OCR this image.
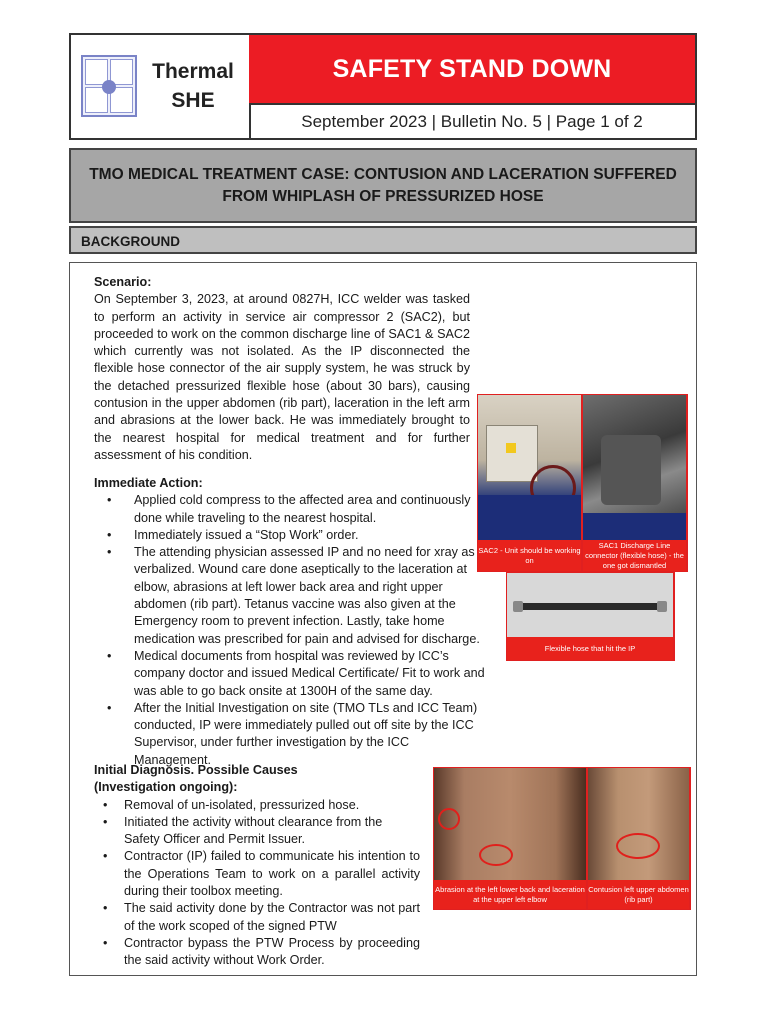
Thermal
SHE
SAFETY STAND DOWN
September 2023 | Bulletin No. 5 | Page 1 of 2
TMO MEDICAL TREATMENT CASE: CONTUSION AND LACERATION SUFFERED FROM WHIPLASH OF PRESSURIZED HOSE
BACKGROUND
Scenario:
On September 3, 2023, at around 0827H, ICC welder was tasked to perform an activity in service air compressor 2 (SAC2), but proceeded to work on the common discharge line of SAC1 & SAC2 which currently was not isolated. As the IP disconnected the flexible hose connector of the air supply system, he was struck by the detached pressurized flexible hose (about 30 bars), causing contusion in the upper abdomen (rib part), laceration in the left arm and abrasions at the lower back. He was immediately brought to the nearest hospital for medical treatment and for further assessment of his condition.
Immediate Action:
• Applied cold compress to the affected area and continuously done while traveling to the nearest hospital.
• Immediately issued a “Stop Work” order.
• The attending physician assessed IP and no need for xray as verbalized. Wound care done aseptically to the laceration at elbow, abrasions at left lower back area and right upper abdomen (rib part). Tetanus vaccine was also given at the Emergency room to prevent infection. Lastly, take home medication was prescribed for pain and advised for discharge.
• Medical documents from hospital was reviewed by ICC’s company doctor and issued Medical Certificate/ Fit to work and was able to go back onsite at 1300H of the same day.
• After the Initial Investigation on site (TMO TLs and ICC Team) conducted, IP were immediately pulled out off site by the ICC Supervisor, under further investigation by the ICC Management.
Initial Diagnosis. Possible Causes
(Investigation ongoing):
• Removal of un-isolated, pressurized hose.
• Initiated the activity without clearance from the Safety Officer and Permit Issuer.
• Contractor (IP) failed to communicate his intention to the Operations Team to work on a parallel activity during their toolbox meeting.
• The said activity done by the Contractor was not part of the work scoped of the signed PTW
• Contractor bypass the PTW Process by proceeding the said activity without Work Order.
SAC2 - Unit should be working on
SAC1 Discharge Line connector (flexible hose) - the one got dismantled
Flexible hose that hit the IP
Abrasion at the left lower back and laceration at the upper left elbow
Contusion left upper abdomen (rib part)
